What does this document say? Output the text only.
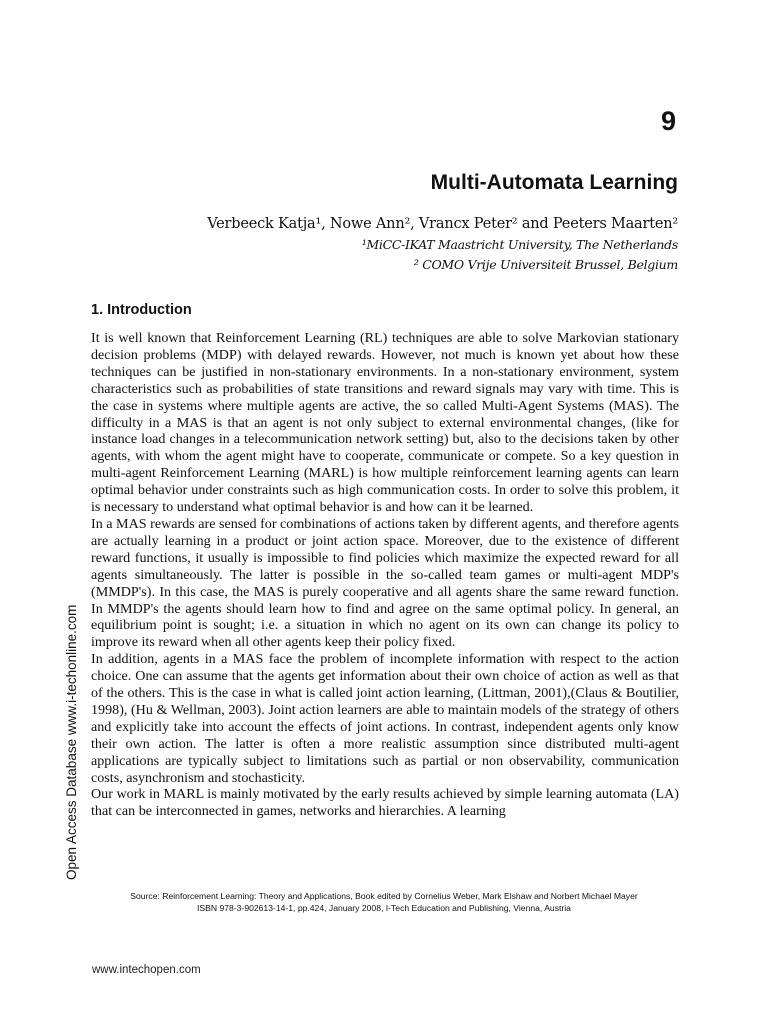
9
Multi-Automata Learning
Verbeeck Katja¹, Nowe Ann², Vrancx Peter² and Peeters Maarten²
¹MiCC-IKAT Maastricht University, The Netherlands
² COMO Vrije Universiteit Brussel, Belgium
1. Introduction

It is well known that Reinforcement Learning (RL) techniques are able to solve Markovian stationary decision problems (MDP) with delayed rewards. However, not much is known yet about how these techniques can be justified in non-stationary environments. In a non-stationary environment, system characteristics such as probabilities of state transitions and reward signals may vary with time. This is the case in systems where multiple agents are active, the so called Multi-Agent Systems (MAS). The difficulty in a MAS is that an agent is not only subject to external environmental changes, (like for instance load changes in a telecommunication network setting) but, also to the decisions taken by other agents, with whom the agent might have to cooperate, communicate or compete. So a key question in multi-agent Reinforcement Learning (MARL) is how multiple reinforcement learning agents can learn optimal behavior under constraints such as high communication costs. In order to solve this problem, it is necessary to understand what optimal behavior is and how can it be learned.

In a MAS rewards are sensed for combinations of actions taken by different agents, and therefore agents are actually learning in a product or joint action space. Moreover, due to the existence of different reward functions, it usually is impossible to find policies which maximize the expected reward for all agents simultaneously. The latter is possible in the so-called team games or multi-agent MDP's (MMDP's). In this case, the MAS is purely cooperative and all agents share the same reward function. In MMDP's the agents should learn how to find and agree on the same optimal policy. In general, an equilibrium point is sought; i.e. a situation in which no agent on its own can change its policy to improve its reward when all other agents keep their policy fixed.

In addition, agents in a MAS face the problem of incomplete information with respect to the action choice. One can assume that the agents get information about their own choice of action as well as that of the others. This is the case in what is called joint action learning, (Littman, 2001),(Claus & Boutilier, 1998), (Hu & Wellman, 2003). Joint action learners are able to maintain models of the strategy of others and explicitly take into account the effects of joint actions. In contrast, independent agents only know their own action. The latter is often a more realistic assumption since distributed multi-agent applications are typically subject to limitations such as partial or non observability, communication costs, asynchronism and stochasticity.

Our work in MARL is mainly motivated by the early results achieved by simple learning automata (LA) that can be interconnected in games, networks and hierarchies. A learning

Open Access Database www.i-techonline.com
Source: Reinforcement Learning: Theory and Applications, Book edited by Cornelius Weber, Mark Elshaw and Norbert Michael Mayer
ISBN 978-3-902613-14-1, pp.424, January 2008, I-Tech Education and Publishing, Vienna, Austria
www.intechopen.com
